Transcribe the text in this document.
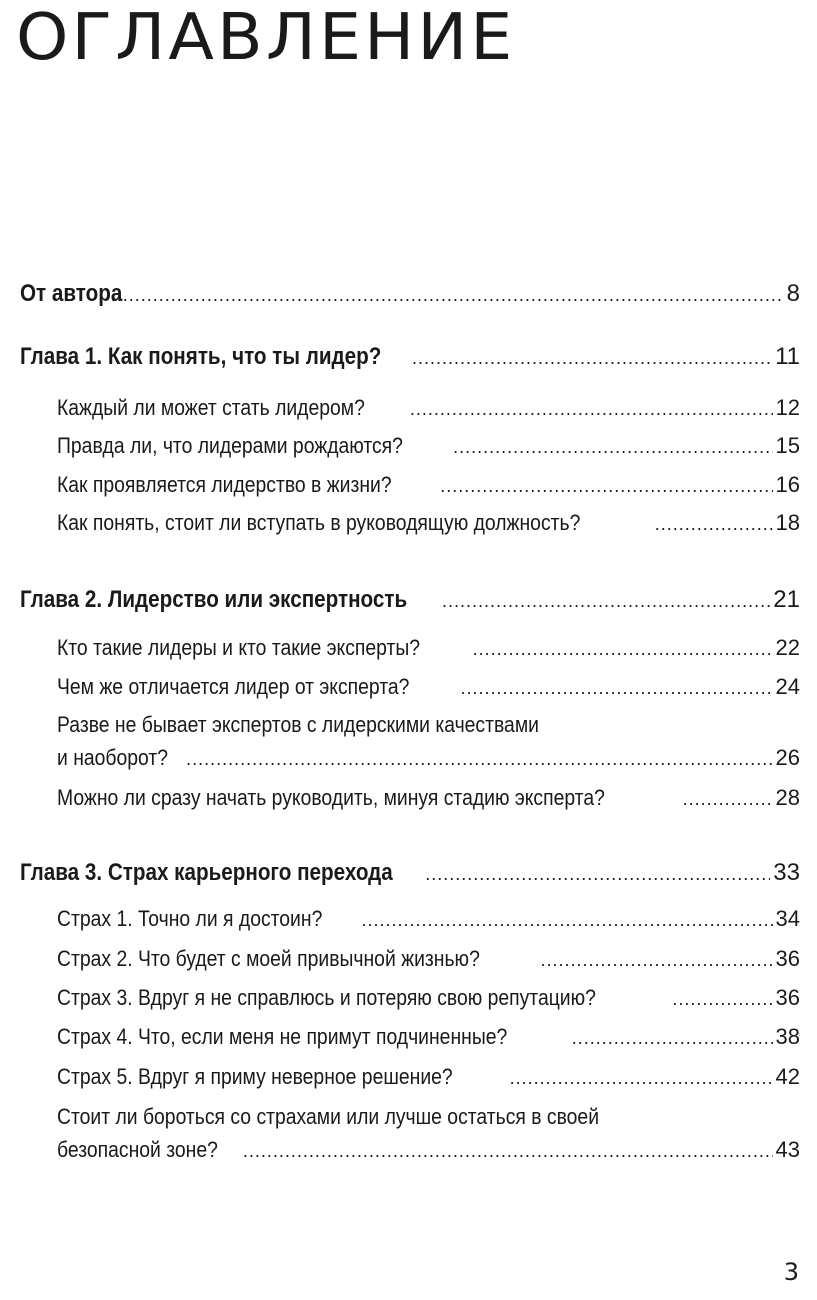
ОГЛАВЛЕНИЕ
От автора .....	8
Глава 1. Как понять, что ты лидер? .....	11
Каждый ли может стать лидером? .....	12
Правда ли, что лидерами рождаются? .....	15
Как проявляется лидерство в жизни? .....	16
Как понять, стоит ли вступать в руководящую должность? .....	18
Глава 2. Лидерство или экспертность .....	21
Кто такие лидеры и кто такие эксперты? .....	22
Чем же отличается лидер от эксперта? .....	24
Разве не бывает экспертов с лидерскими качествами
и наоборот? .....	26
Можно ли сразу начать руководить, минуя стадию эксперта? .....	28
Глава 3. Страх карьерного перехода .....	33
Страх 1. Точно ли я достоин? .....	34
Страх 2. Что будет с моей привычной жизнью? .....	36
Страх 3. Вдруг я не справлюсь и потеряю свою репутацию? .....	36
Страх 4. Что, если меня не примут подчиненные? .....	38
Страх 5. Вдруг я приму неверное решение? .....	42
Стоит ли бороться со страхами или лучше остаться в своей
безопасной зоне? .....	43
3
